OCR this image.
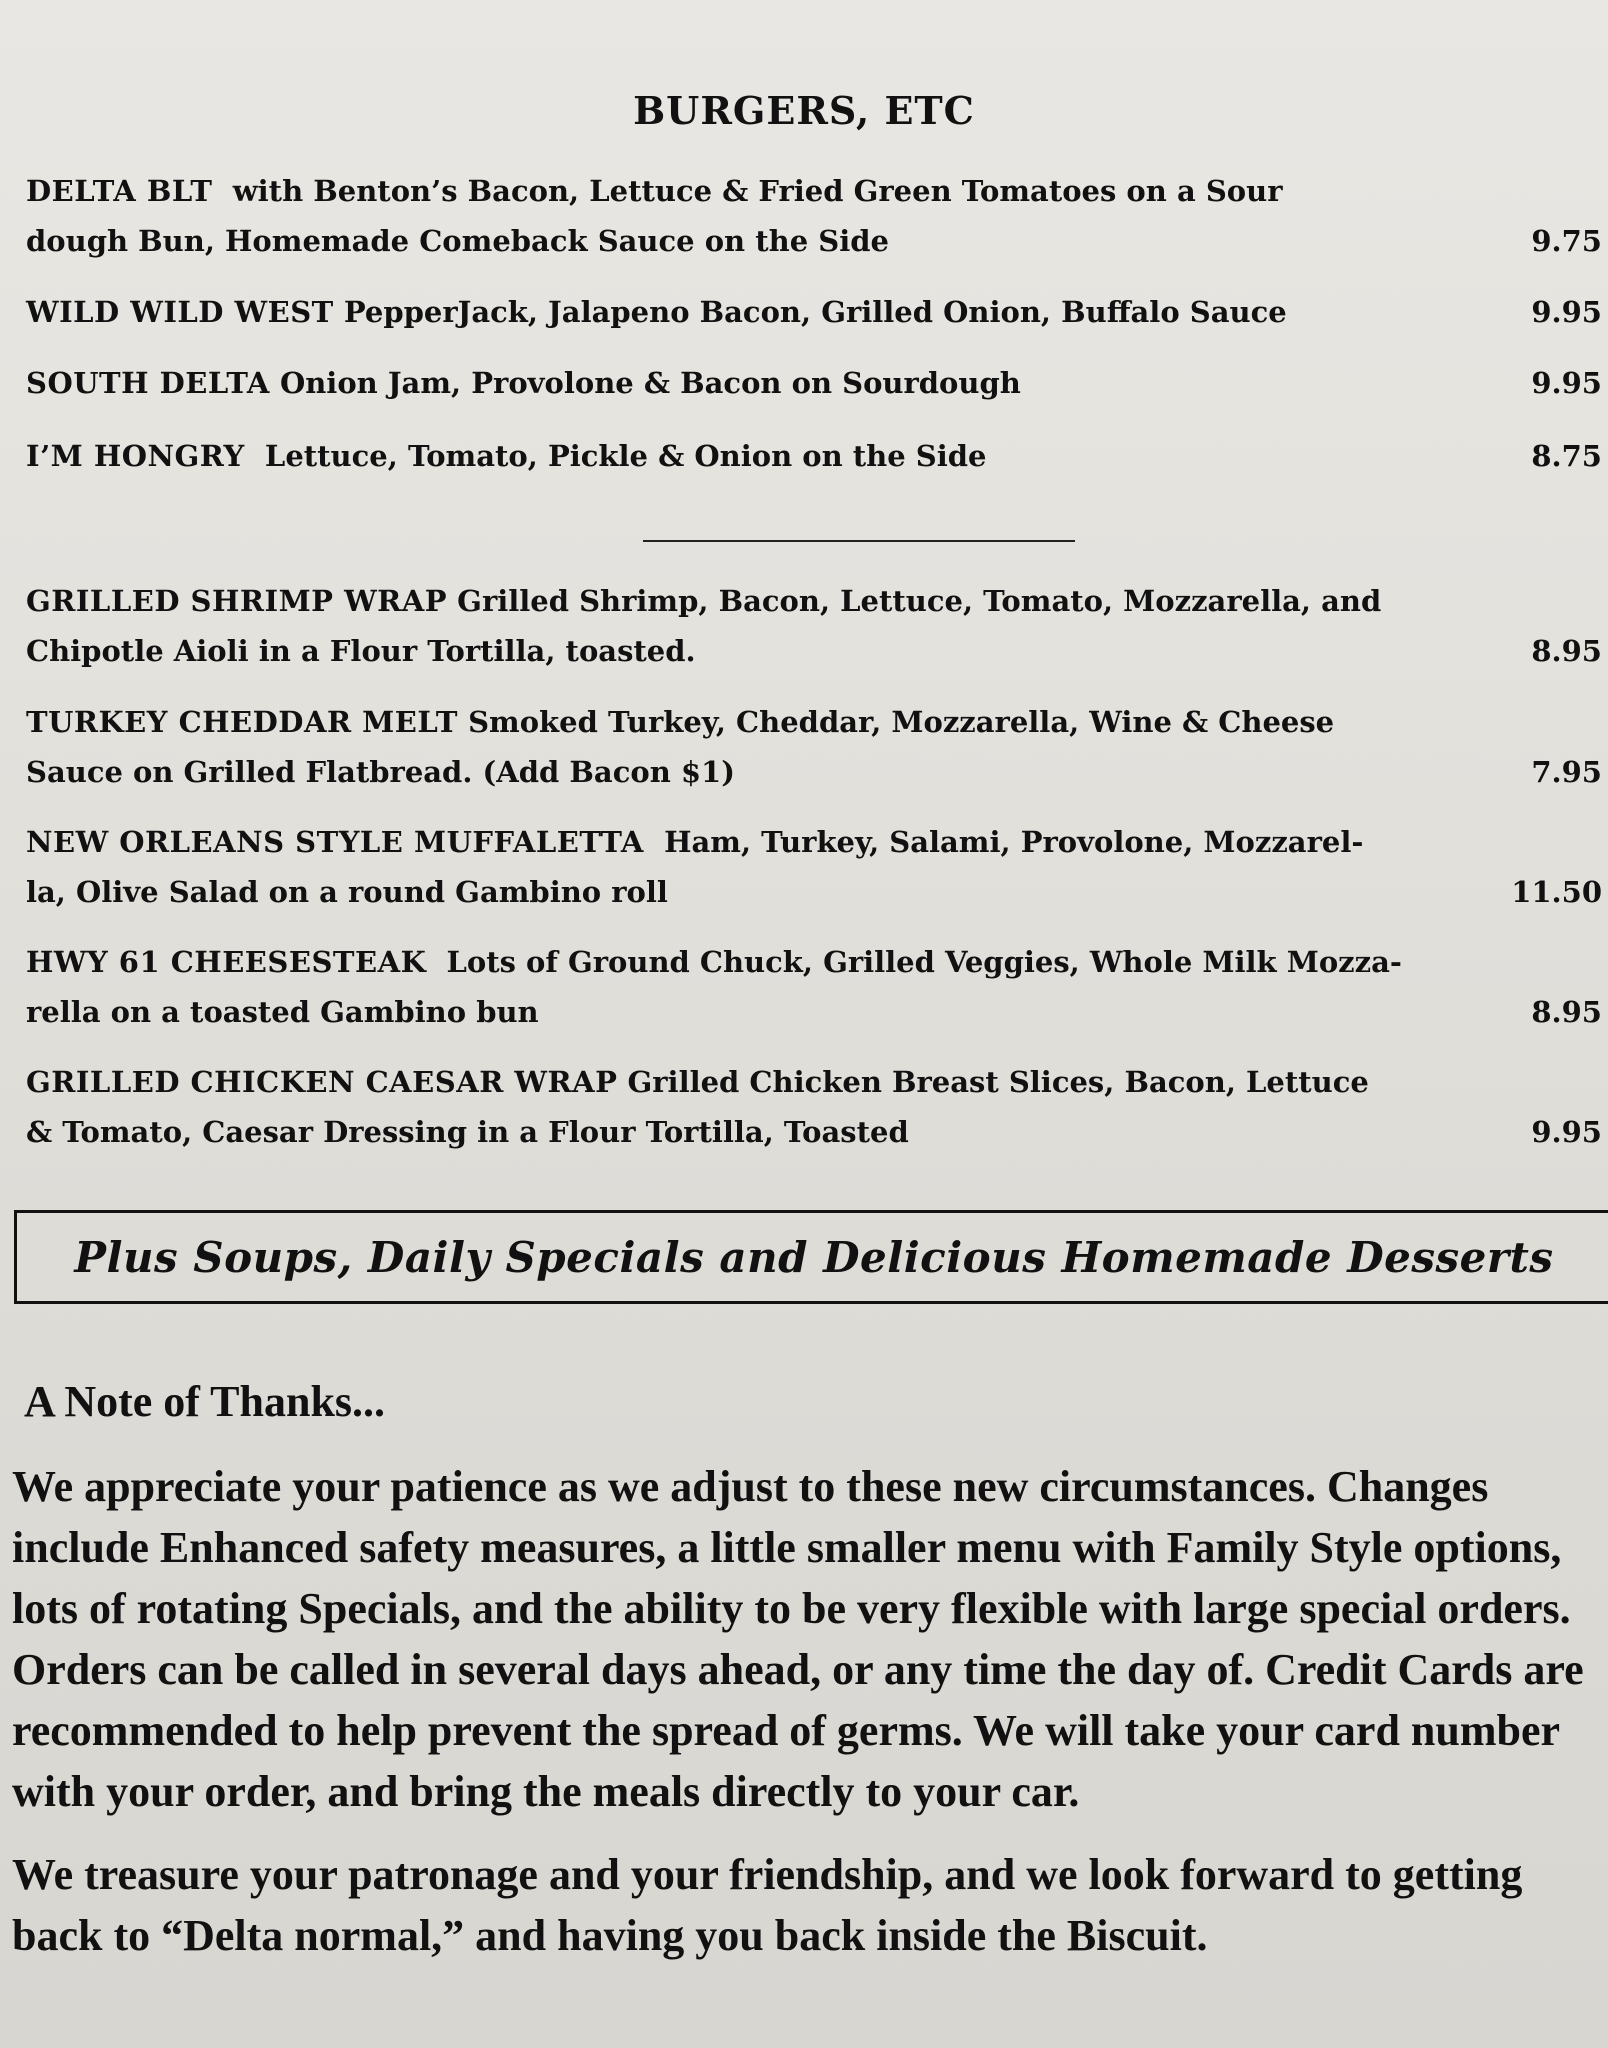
BURGERS, ETC
DELTA BLT with Benton’s Bacon, Lettuce & Fried Green Tomatoes on a Sour
dough Bun, Homemade Comeback Sauce on the Side	9.75
WILD WILD WEST PepperJack, Jalapeno Bacon, Grilled Onion, Buffalo Sauce	9.95
SOUTH DELTA Onion Jam, Provolone & Bacon on Sourdough	9.95
I’M HONGRY Lettuce, Tomato, Pickle & Onion on the Side	8.75
GRILLED SHRIMP WRAP Grilled Shrimp, Bacon, Lettuce, Tomato, Mozzarella, and
Chipotle Aioli in a Flour Tortilla, toasted.	8.95
TURKEY CHEDDAR MELT Smoked Turkey, Cheddar, Mozzarella, Wine & Cheese
Sauce on Grilled Flatbread. (Add Bacon $1)	7.95
NEW ORLEANS STYLE MUFFALETTA Ham, Turkey, Salami, Provolone, Mozzarel-
la, Olive Salad on a round Gambino roll	11.50
HWY 61 CHEESESTEAK Lots of Ground Chuck, Grilled Veggies, Whole Milk Mozza-
rella on a toasted Gambino bun	8.95
GRILLED CHICKEN CAESAR WRAP Grilled Chicken Breast Slices, Bacon, Lettuce
& Tomato, Caesar Dressing in a Flour Tortilla, Toasted	9.95
Plus Soups, Daily Specials and Delicious Homemade Desserts
A Note of Thanks...
We appreciate your patience as we adjust to these new circumstances. Changes include Enhanced safety measures, a little smaller menu with Family Style options, lots of rotating Specials, and the ability to be very flexible with large special orders. Orders can be called in several days ahead, or any time the day of. Credit Cards are recommended to help prevent the spread of germs. We will take your card number with your order, and bring the meals directly to your car.
We treasure your patronage and your friendship, and we look forward to getting back to “Delta normal,” and having you back inside the Biscuit.
